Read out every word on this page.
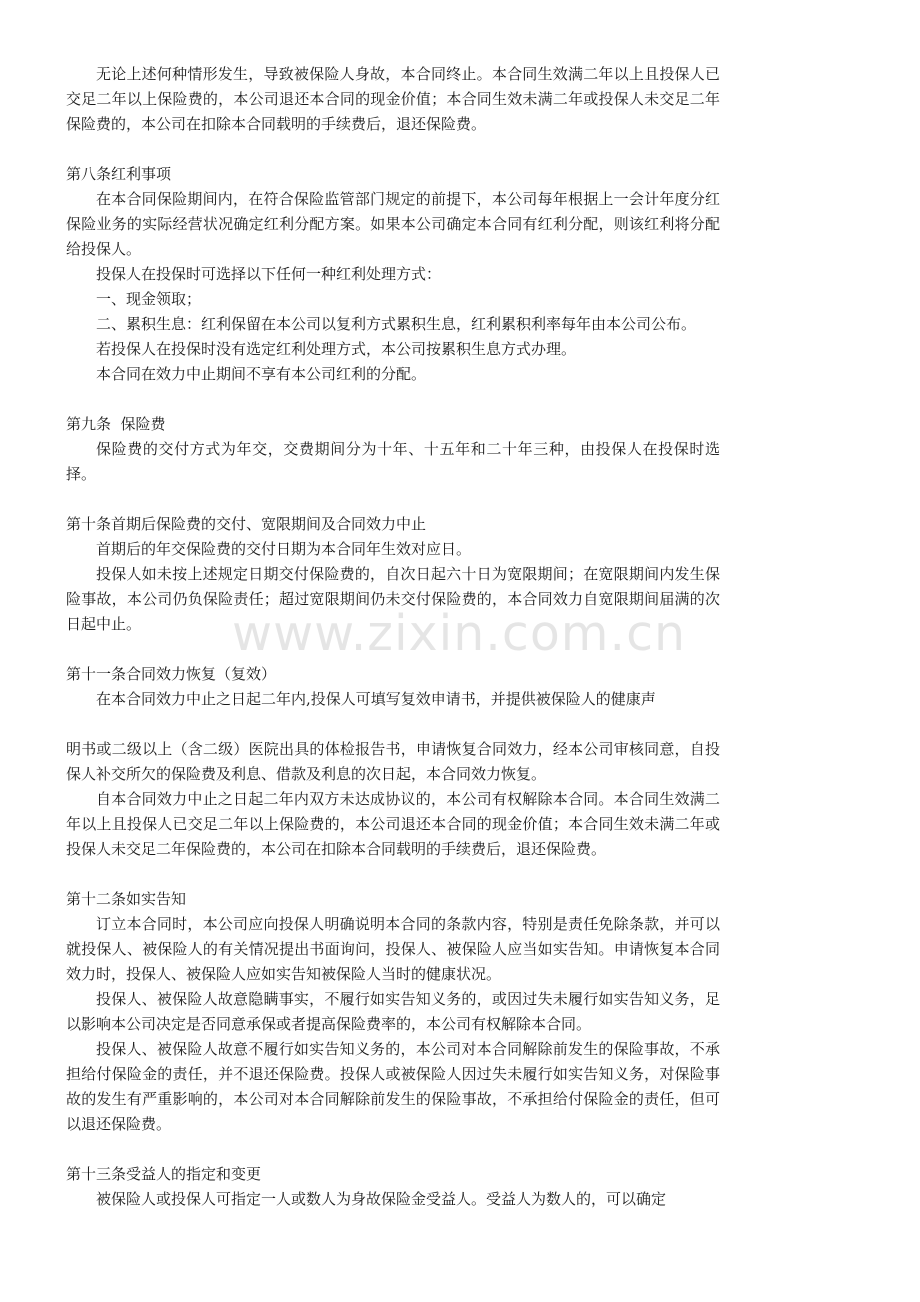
无论上述何种情形发生，导致被保险人身故，本合同终止。本合同生效满二年以上且投保人已交足二年以上保险费的，本公司退还本合同的现金价值；本合同生效未满二年或投保人未交足二年保险费的，本公司在扣除本合同载明的手续费后，退还保险费。

第八条红利事项

在本合同保险期间内，在符合保险监管部门规定的前提下，本公司每年根据上一会计年度分红保险业务的实际经营状况确定红利分配方案。如果本公司确定本合同有红利分配，则该红利将分配给投保人。

投保人在投保时可选择以下任何一种红利处理方式：

一、现金领取；

二、累积生息：红利保留在本公司以复利方式累积生息，红利累积利率每年由本公司公布。

若投保人在投保时没有选定红利处理方式，本公司按累积生息方式办理。

本合同在效力中止期间不享有本公司红利的分配。

第九条  保险费

保险费的交付方式为年交，交费期间分为十年、十五年和二十年三种，由投保人在投保时选择。

第十条首期后保险费的交付、宽限期间及合同效力中止

首期后的年交保险费的交付日期为本合同年生效对应日。

投保人如未按上述规定日期交付保险费的，自次日起六十日为宽限期间；在宽限期间内发生保险事故，本公司仍负保险责任；超过宽限期间仍未交付保险费的，本合同效力自宽限期间届满的次日起中止。

第十一条合同效力恢复（复效）

在本合同效力中止之日起二年内,投保人可填写复效申请书，并提供被保险人的健康声

明书或二级以上（含二级）医院出具的体检报告书，申请恢复合同效力，经本公司审核同意，自投保人补交所欠的保险费及利息、借款及利息的次日起，本合同效力恢复。

自本合同效力中止之日起二年内双方未达成协议的，本公司有权解除本合同。本合同生效满二年以上且投保人已交足二年以上保险费的，本公司退还本合同的现金价值；本合同生效未满二年或投保人未交足二年保险费的，本公司在扣除本合同载明的手续费后，退还保险费。

第十二条如实告知

订立本合同时，本公司应向投保人明确说明本合同的条款内容，特别是责任免除条款，并可以就投保人、被保险人的有关情况提出书面询问，投保人、被保险人应当如实告知。申请恢复本合同效力时，投保人、被保险人应如实告知被保险人当时的健康状况。

投保人、被保险人故意隐瞒事实，不履行如实告知义务的，或因过失未履行如实告知义务，足以影响本公司决定是否同意承保或者提高保险费率的，本公司有权解除本合同。

投保人、被保险人故意不履行如实告知义务的，本公司对本合同解除前发生的保险事故，不承担给付保险金的责任，并不退还保险费。投保人或被保险人因过失未履行如实告知义务，对保险事故的发生有严重影响的，本公司对本合同解除前发生的保险事故，不承担给付保险金的责任，但可以退还保险费。

第十三条受益人的指定和变更

被保险人或投保人可指定一人或数人为身故保险金受益人。受益人为数人的，可以确定

www.zixin.com.cn
